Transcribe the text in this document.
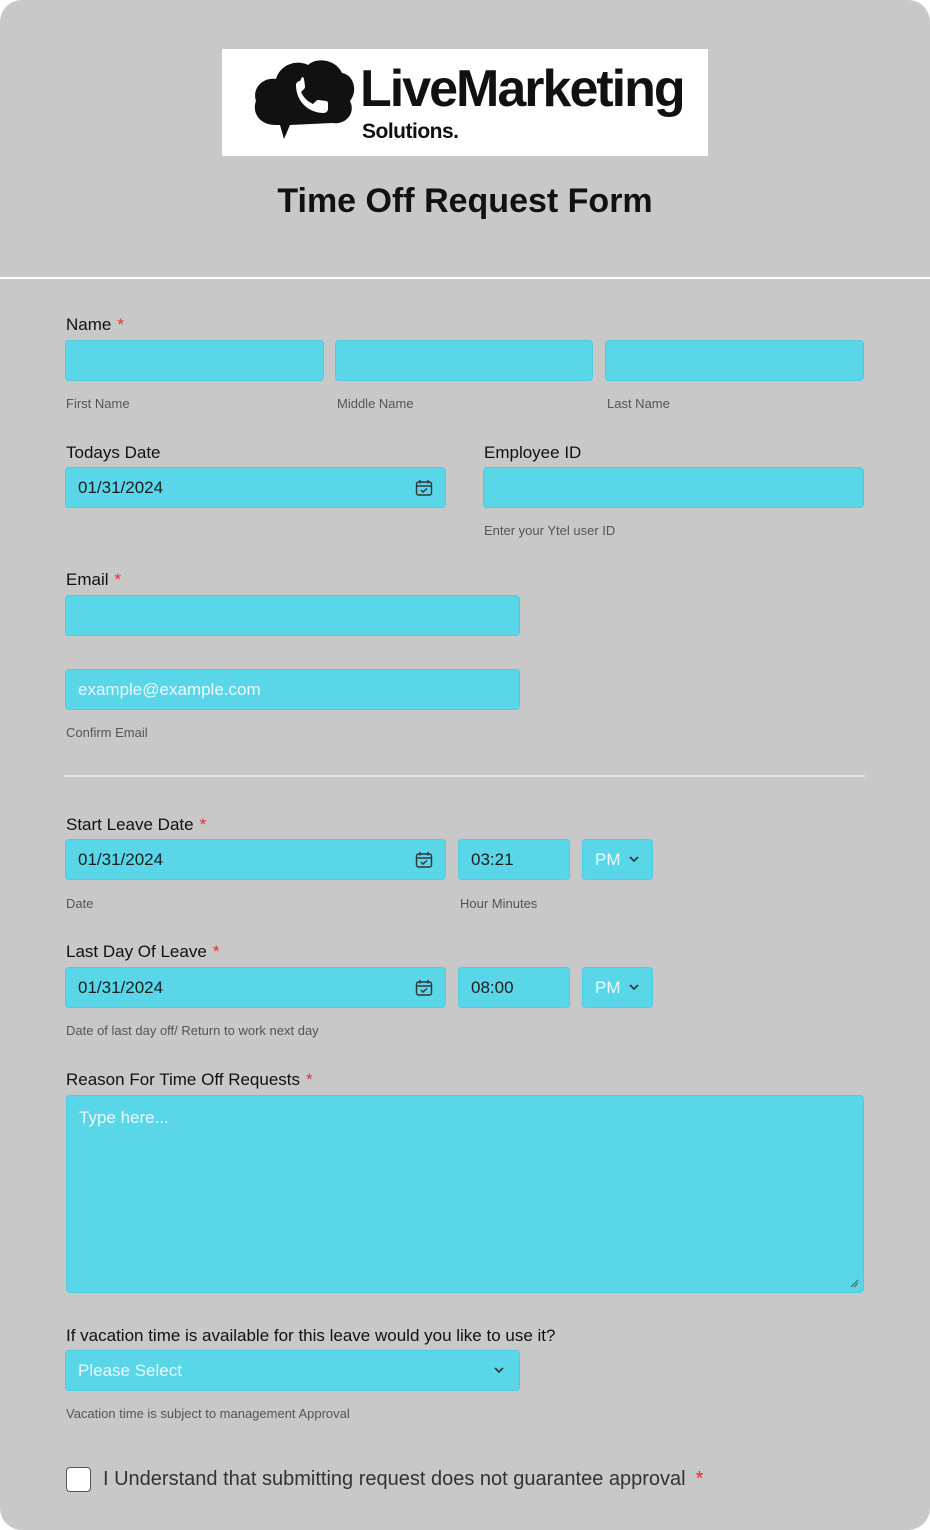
LiveMarketing
Solutions.
Time Off Request Form
Name *
First Name	Middle Name	Last Name
Todays Date
01/31/2024
Employee ID
Enter your Ytel user ID
Email *
example@example.com
Confirm Email
Start Leave Date *
01/31/2024	03:21	PM
Date	Hour Minutes
Last Day Of Leave *
01/31/2024	08:00	PM
Date of last day off/ Return to work next day
Reason For Time Off Requests *
Type here...
If vacation time is available for this leave would you like to use it?
Please Select
Vacation time is subject to management Approval
I Understand that submitting request does not guarantee approval *
